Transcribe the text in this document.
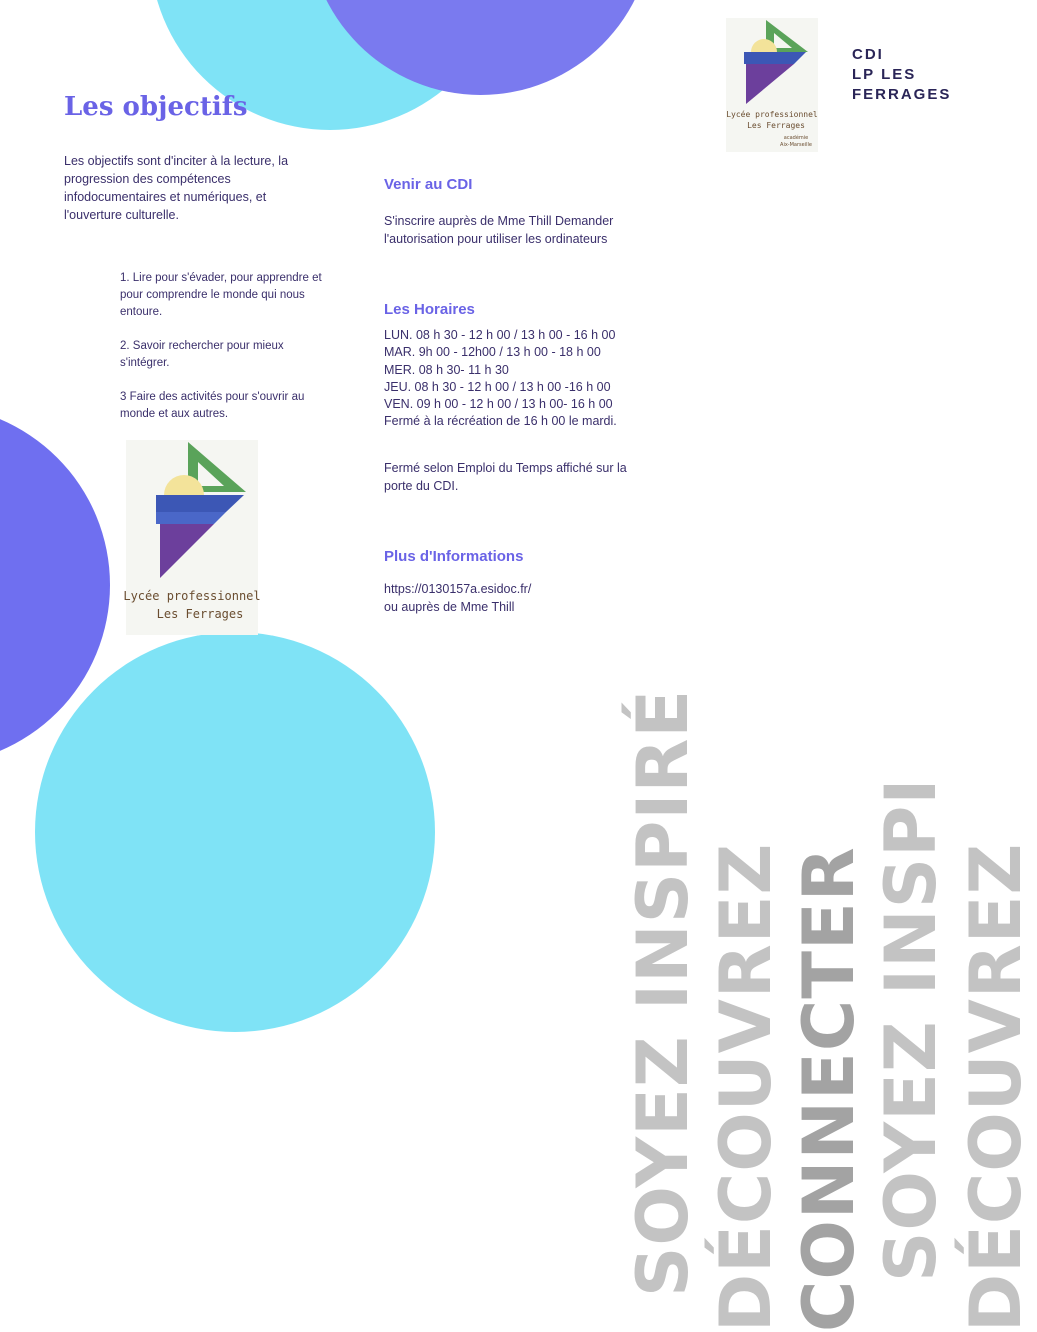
Les objectifs

Les objectifs sont d'inciter à la lecture, la progression des compétences infodocumentaires et numériques, et l'ouverture culturelle.

1. Lire pour s'évader, pour apprendre et pour comprendre le monde qui nous entoure.

2. Savoir rechercher pour mieux s'intégrer.

3 Faire des activités pour s'ouvrir au monde et aux autres.

Lycée professionnel
Les Ferrages
Venir au CDI

S'inscrire auprès de Mme Thill Demander l'autorisation pour utiliser les ordinateurs

Les Horaires
LUN. 08 h 30 - 12 h 00 / 13 h 00 - 16 h 00
MAR. 9h 00 - 12h00 / 13 h 00 - 18 h 00
MER. 08 h 30- 11 h 30
JEU. 08 h 30 - 12 h 00 / 13 h 00 -16 h 00
VEN. 09 h 00 - 12 h 00 / 13 h 00- 16 h 00
Fermé à la récréation de 16 h 00 le mardi.

Fermé selon Emploi du Temps affiché sur la porte du CDI.

Plus d'Informations

https://0130157a.esidoc.fr/

ou auprès de Mme Thill

SOYEZ INSPIRÉ DÉCOUVREZ CONNECTER SOYEZ INSPI DÉCOUVREZ
Lycée professionnel
Les Ferrages
académie
Aix-Marseille
CDI
LP LES
FERRAGES
